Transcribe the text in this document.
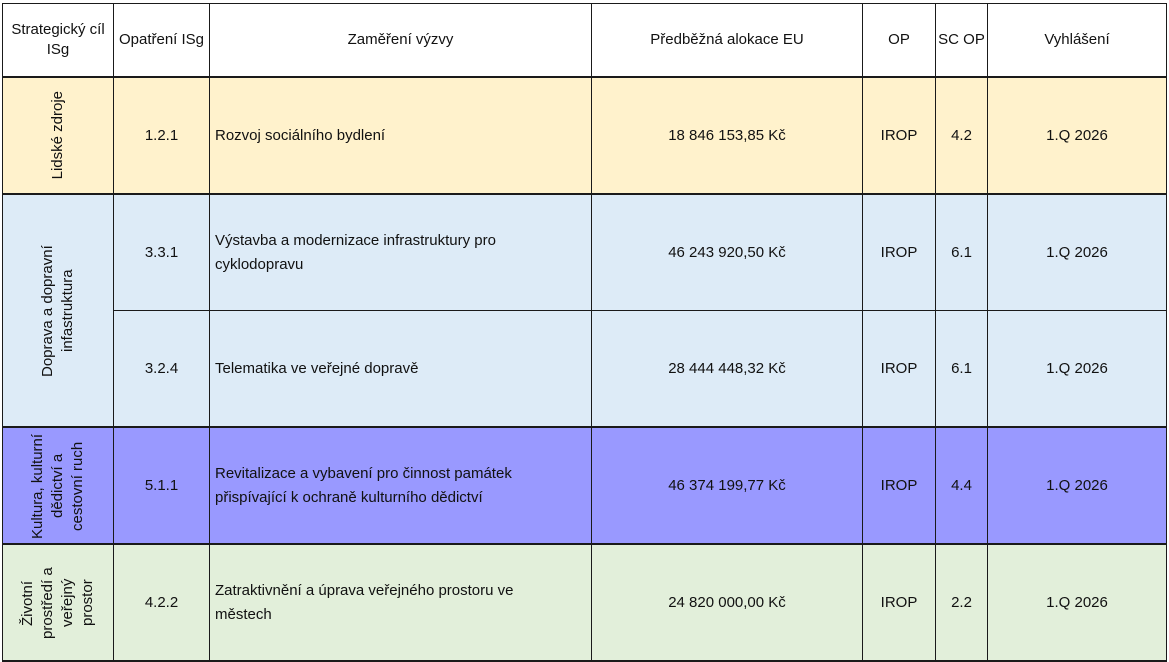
Strategický cíl ISg	Opatření ISg	Zaměření výzvy	Předběžná alokace EU	OP	SC OP	Vyhlášení

Lidské zdroje	1.2.1	Rozvoj sociálního bydlení	18 846 153,85 Kč	IROP	4.2	1.Q 2026

Doprava a dopravní infastruktura	3.3.1	Výstavba a modernizace infrastruktury pro cyklodopravu	46 243 920,50 Kč	IROP	6.1	1.Q 2026
	3.2.4	Telematika ve veřejné dopravě	28 444 448,32 Kč	IROP	6.1	1.Q 2026

Kultura, kulturní dědictví a cestovní ruch	5.1.1	Revitalizace a vybavení pro činnost památek přispívající k ochraně kulturního dědictví	46 374 199,77 Kč	IROP	4.4	1.Q 2026

Životní prostředí a veřejný prostor	4.2.2	Zatraktivnění a úprava veřejného prostoru ve městech	24 820 000,00 Kč	IROP	2.2	1.Q 2026
